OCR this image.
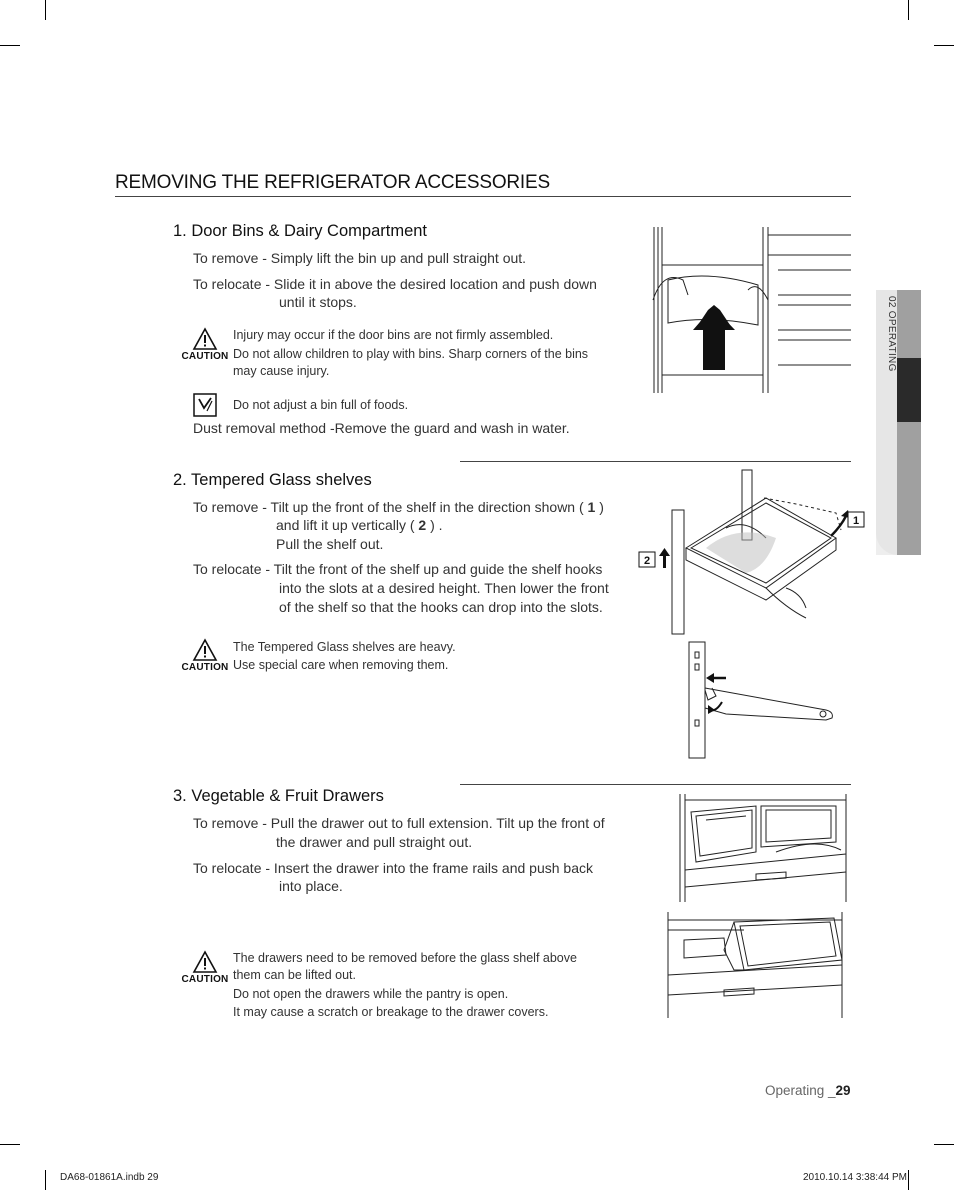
02 OPERATING
REMOVING THE REFRIGERATOR ACCESSORIES
1. Door Bins & Dairy Compartment
To remove - Simply lift the bin up and pull straight out.
To relocate - Slide it in above the desired location and push down
until it stops.
CAUTION
Injury may occur if the door bins are not firmly assembled.
Do not allow children to play with bins. Sharp corners of the bins
may cause injury.
Do not adjust a bin full of foods.
Dust removal method -Remove the guard and wash in water.
2. Tempered Glass shelves
To remove - Tilt up the front of the shelf in the direction shown ( 1 )
and lift it up vertically ( 2 ) .
Pull the shelf out.
To relocate - Tilt the front of the shelf up and guide the shelf hooks
into the slots at a desired height. Then lower the front
of the shelf so that the hooks can drop into the slots.
CAUTION
The Tempered Glass shelves are heavy.
Use special care when removing them.
1
2
3. Vegetable & Fruit Drawers
To remove - Pull the drawer out to full extension. Tilt up the front of
the drawer and pull straight out.
To relocate - Insert the drawer into the frame rails and push back
into place.
CAUTION
The drawers need to be removed before the glass shelf above
them can be lifted out.
Do not open the drawers while the pantry is open.
It may cause a scratch or breakage to the drawer covers.
Operating _29
DA68-01861A.indb 29	2010.10.14 3:38:44 PM
